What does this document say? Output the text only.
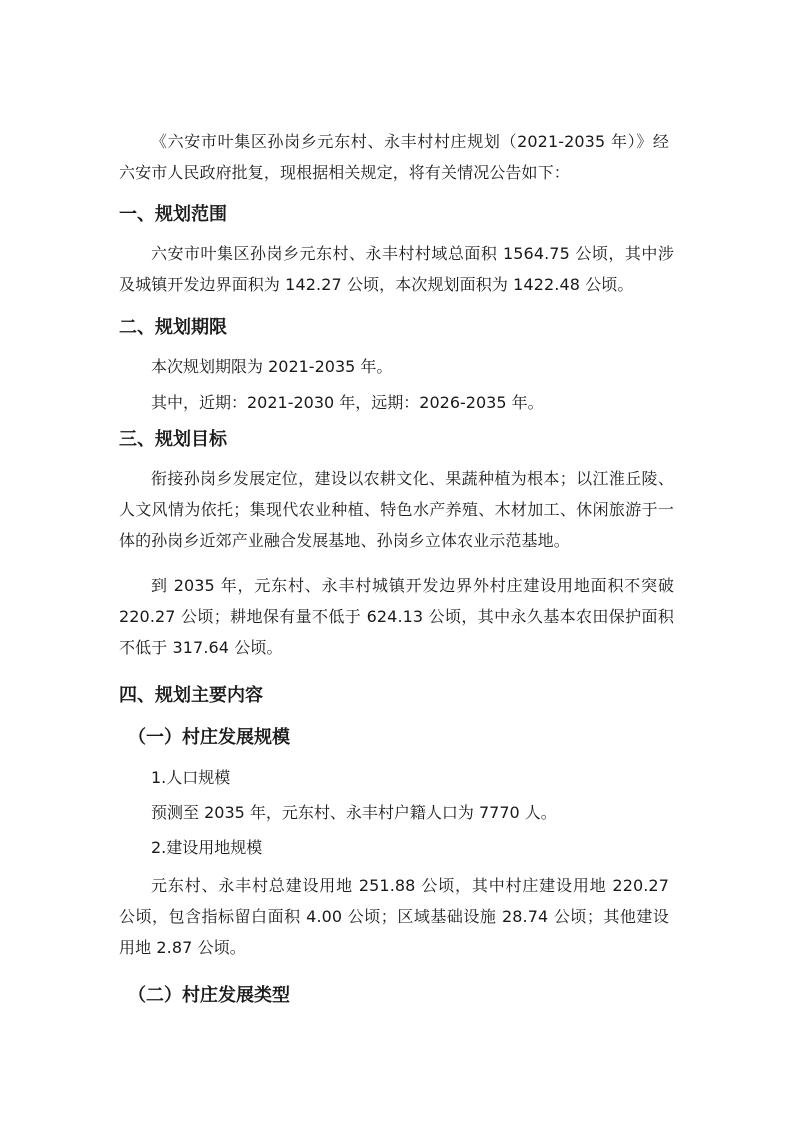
《六安市叶集区孙岗乡元东村、永丰村村庄规划（2021-2035 年）》经六安市人民政府批复，现根据相关规定，将有关情况公告如下：

一、规划范围

六安市叶集区孙岗乡元东村、永丰村村域总面积 1564.75 公顷，其中涉及城镇开发边界面积为 142.27 公顷，本次规划面积为 1422.48 公顷。

二、规划期限

本次规划期限为 2021-2035 年。

其中，近期：2021-2030 年，远期：2026-2035 年。

三、规划目标

衔接孙岗乡发展定位，建设以农耕文化、果蔬种植为根本；以江淮丘陵、人文风情为依托；集现代农业种植、特色水产养殖、木材加工、休闲旅游于一体的孙岗乡近郊产业融合发展基地、孙岗乡立体农业示范基地。

到 2035 年，元东村、永丰村城镇开发边界外村庄建设用地面积不突破 220.27 公顷；耕地保有量不低于 624.13 公顷，其中永久基本农田保护面积不低于 317.64 公顷。

四、规划主要内容
（一）村庄发展规模

1.人口规模

预测至 2035 年，元东村、永丰村户籍人口为 7770 人。

2.建设用地规模

元东村、永丰村总建设用地 251.88 公顷，其中村庄建设用地 220.27 公顷，包含指标留白面积 4.00 公顷；区域基础设施 28.74 公顷；其他建设用地 2.87 公顷。

（二）村庄发展类型
